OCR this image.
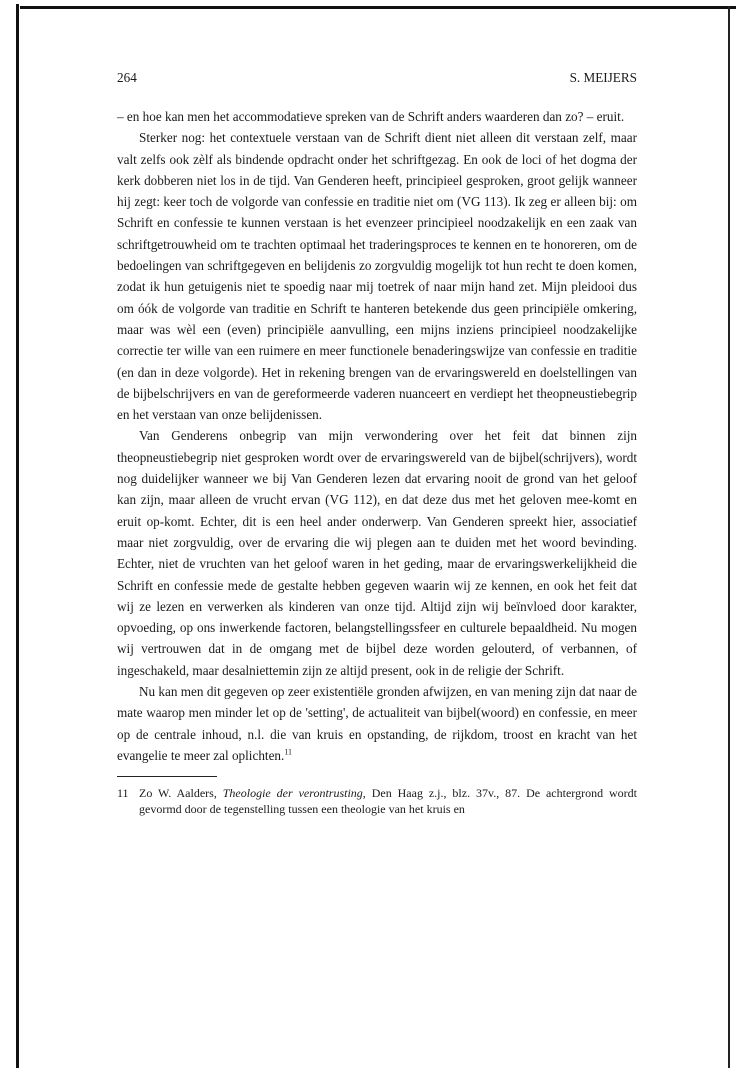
264	S. MEIJERS

– en hoe kan men het accommodatieve spreken van de Schrift anders waarderen dan zo? – eruit.

Sterker nog: het contextuele verstaan van de Schrift dient niet alleen dit verstaan zelf, maar valt zelfs ook zèlf als bindende opdracht onder het schriftgezag. En ook de loci of het dogma der kerk dobberen niet los in de tijd. Van Genderen heeft, principieel gesproken, groot gelijk wanneer hij zegt: keer toch de volgorde van confessie en traditie niet om (VG 113). Ik zeg er alleen bij: om Schrift en confessie te kunnen verstaan is het evenzeer principieel noodzakelijk en een zaak van schriftgetrouwheid om te trachten optimaal het traderingsproces te kennen en te honoreren, om de bedoelingen van schriftgegeven en belijdenis zo zorgvuldig mogelijk tot hun recht te doen komen, zodat ik hun getuigenis niet te spoedig naar mij toetrek of naar mijn hand zet. Mijn pleidooi dus om óók de volgorde van traditie en Schrift te hanteren betekende dus geen principiële omkering, maar was wèl een (even) principiële aanvulling, een mijns inziens principieel noodzakelijke correctie ter wille van een ruimere en meer functionele benaderingswijze van confessie en traditie (en dan in deze volgorde). Het in rekening brengen van de ervaringswereld en doelstellingen van de bijbelschrijvers en van de gereformeerde vaderen nuanceert en verdiept het theopneustiebegrip en het verstaan van onze belijdenissen.

Van Genderens onbegrip van mijn verwondering over het feit dat binnen zijn theopneustiebegrip niet gesproken wordt over de ervaringswereld van de bijbel(schrijvers), wordt nog duidelijker wanneer we bij Van Genderen lezen dat ervaring nooit de grond van het geloof kan zijn, maar alleen de vrucht ervan (VG 112), en dat deze dus met het geloven mee-komt en eruit op-komt. Echter, dit is een heel ander onderwerp. Van Genderen spreekt hier, associatief maar niet zorgvuldig, over de ervaring die wij plegen aan te duiden met het woord bevinding. Echter, niet de vruchten van het geloof waren in het geding, maar de ervaringswerkelijkheid die Schrift en confessie mede de gestalte hebben gegeven waarin wij ze kennen, en ook het feit dat wij ze lezen en verwerken als kinderen van onze tijd. Altijd zijn wij beïnvloed door karakter, opvoeding, op ons inwerkende factoren, belangstellingssfeer en culturele bepaaldheid. Nu mogen wij vertrouwen dat in de omgang met de bijbel deze worden gelouterd, of verbannen, of ingeschakeld, maar desalniettemin zijn ze altijd present, ook in de religie der Schrift.

Nu kan men dit gegeven op zeer existentiële gronden afwijzen, en van mening zijn dat naar de mate waarop men minder let op de 'setting', de actualiteit van bijbel(woord) en confessie, en meer op de centrale inhoud, n.l. die van kruis en opstanding, de rijkdom, troost en kracht van het evangelie te meer zal oplichten.$^{11}$

11 Zo W. Aalders, Theologie der verontrusting, Den Haag z.j., blz. 37v., 87. De achtergrond wordt gevormd door de tegenstelling tussen een theologie van het kruis en
